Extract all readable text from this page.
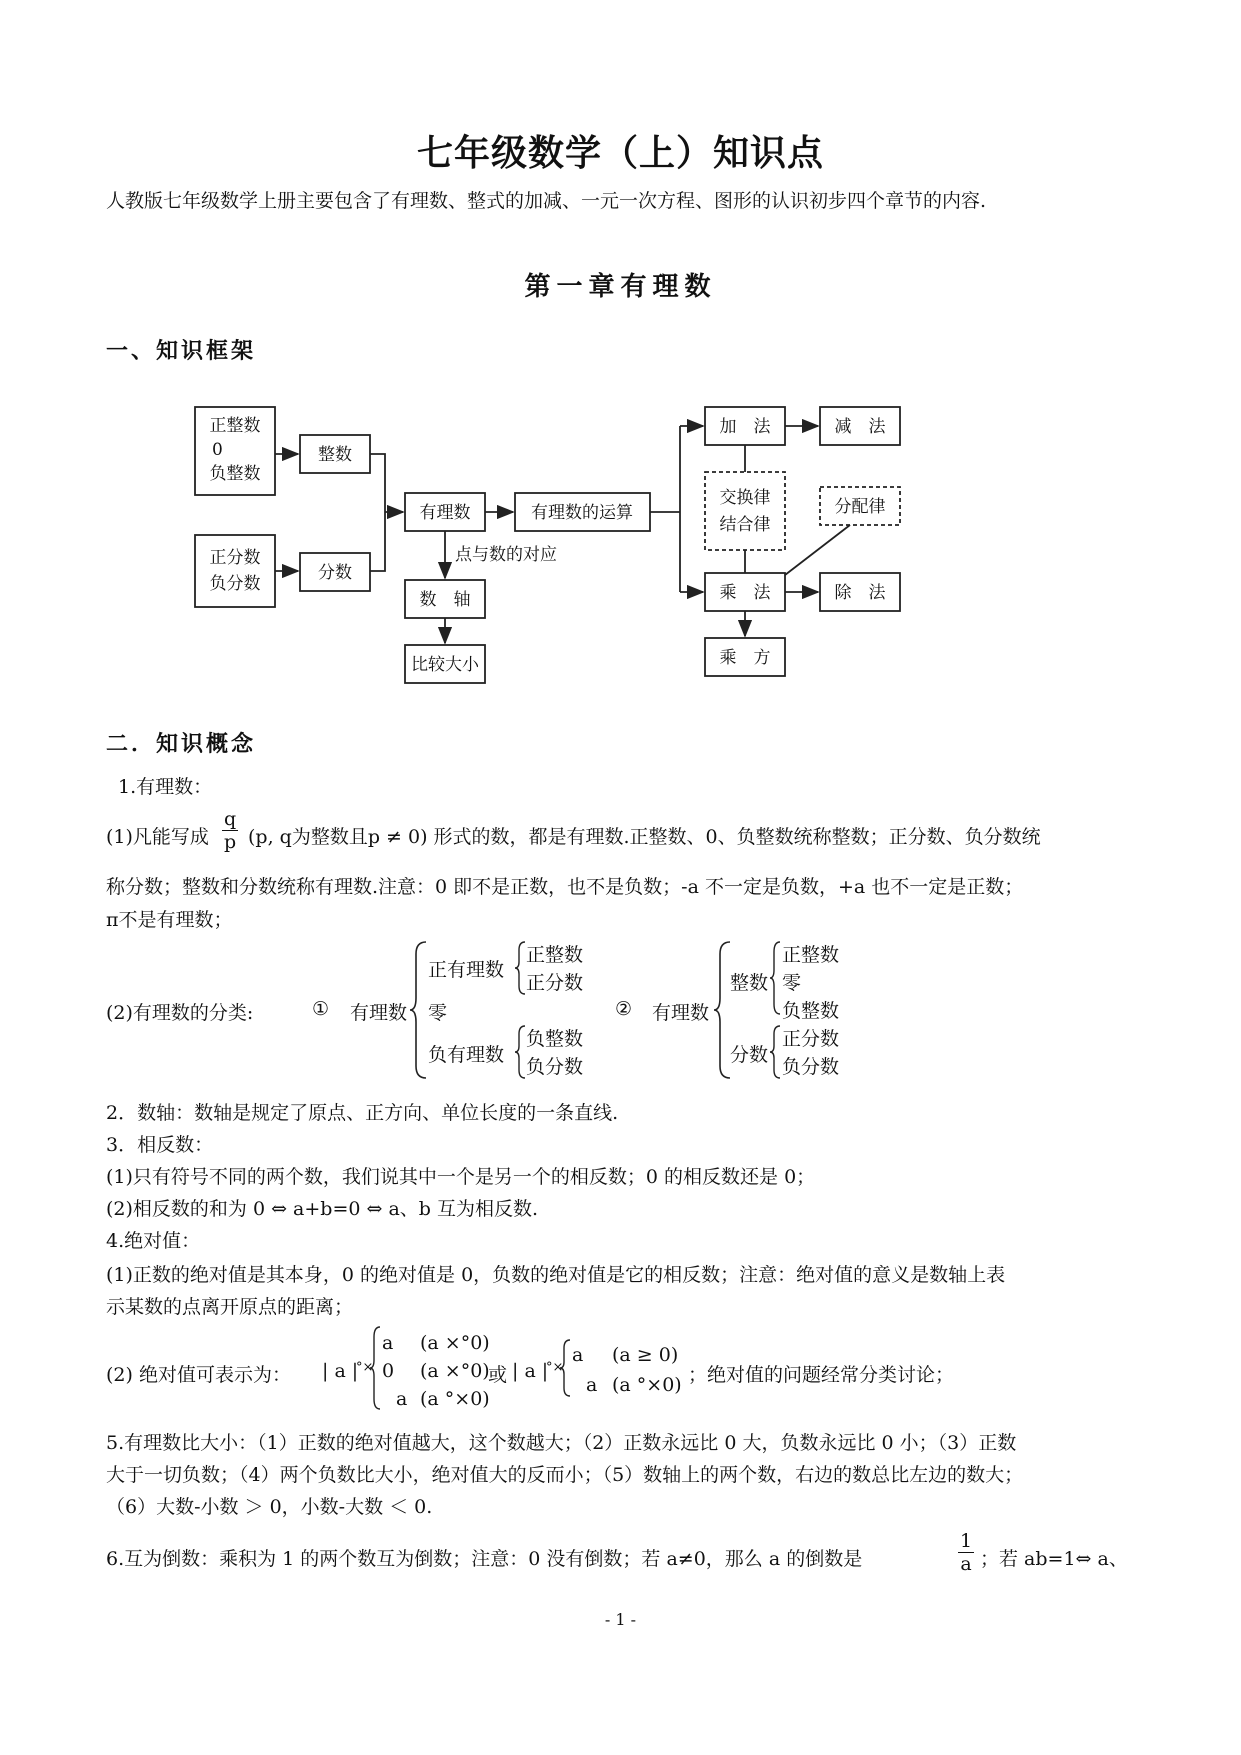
七年级数学（上）知识点
人教版七年级数学上册主要包含了有理数、整式的加减、一元一次方程、图形的认识初步四个章节的内容.
第一章有理数
一、知识框架
正整数
0
负整数
整数
正分数
负分数
分数
有理数	有理数的运算
点与数的对应
数　轴
比较大小
加　法	减　法
交换律
结合律
分配律
乘　法	除　法
乘　方
二．知识概念
1.有理数：
(1)凡能写成 $\frac{q}{p} (p$, q为整数且p ≠ 0) 形式的数，都是有理数.正整数、0、负整数统称整数；正分数、负分数统
称分数；整数和分数统称有理数.注意：0 即不是正数，也不是负数；-a 不一定是负数，+a 也不一定是正数；
π不是有理数；
(2)有理数的分类:	① 有理数
正有理数
正整数
正分数
零
负有理数
负整数
负分数
② 有理数
整数
正整数
零
负整数
分数
正分数
负分数
2．数轴：数轴是规定了原点、正方向、单位长度的一条直线.
3．相反数：
(1)只有符号不同的两个数，我们说其中一个是另一个的相反数；0 的相反数还是 0；
(2)相反数的和为 0 ⇔ a+b=0 ⇔ a、b 互为相反数.
4.绝对值：
(1)正数的绝对值是其本身，0 的绝对值是 0，负数的绝对值是它的相反数；注意：绝对值的意义是数轴上表
示某数的点离开原点的距离；
(2) 绝对值可表示为： | a |
°×
a (a ×°0)
0 (a ×°0)
a (a °×0)
或 | a |
°×
a (a ≥ 0)
a (a °×0) ；绝对值的问题经常分类讨论；
5.有理数比大小：（1）正数的绝对值越大，这个数越大；（2）正数永远比 0 大，负数永远比 0 小；（3）正数
大于一切负数；（4）两个负数比大小，绝对值大的反而小；（5）数轴上的两个数，右边的数总比左边的数大；
（6）大数-小数 ＞ 0，小数-大数 ＜ 0.
6.互为倒数：乘积为 1 的两个数互为倒数；注意：0 没有倒数；若 a≠0，那么 a 的倒数是	$\frac{1}{a}$ ；若 ab=1⇔ a、
- 1 -
